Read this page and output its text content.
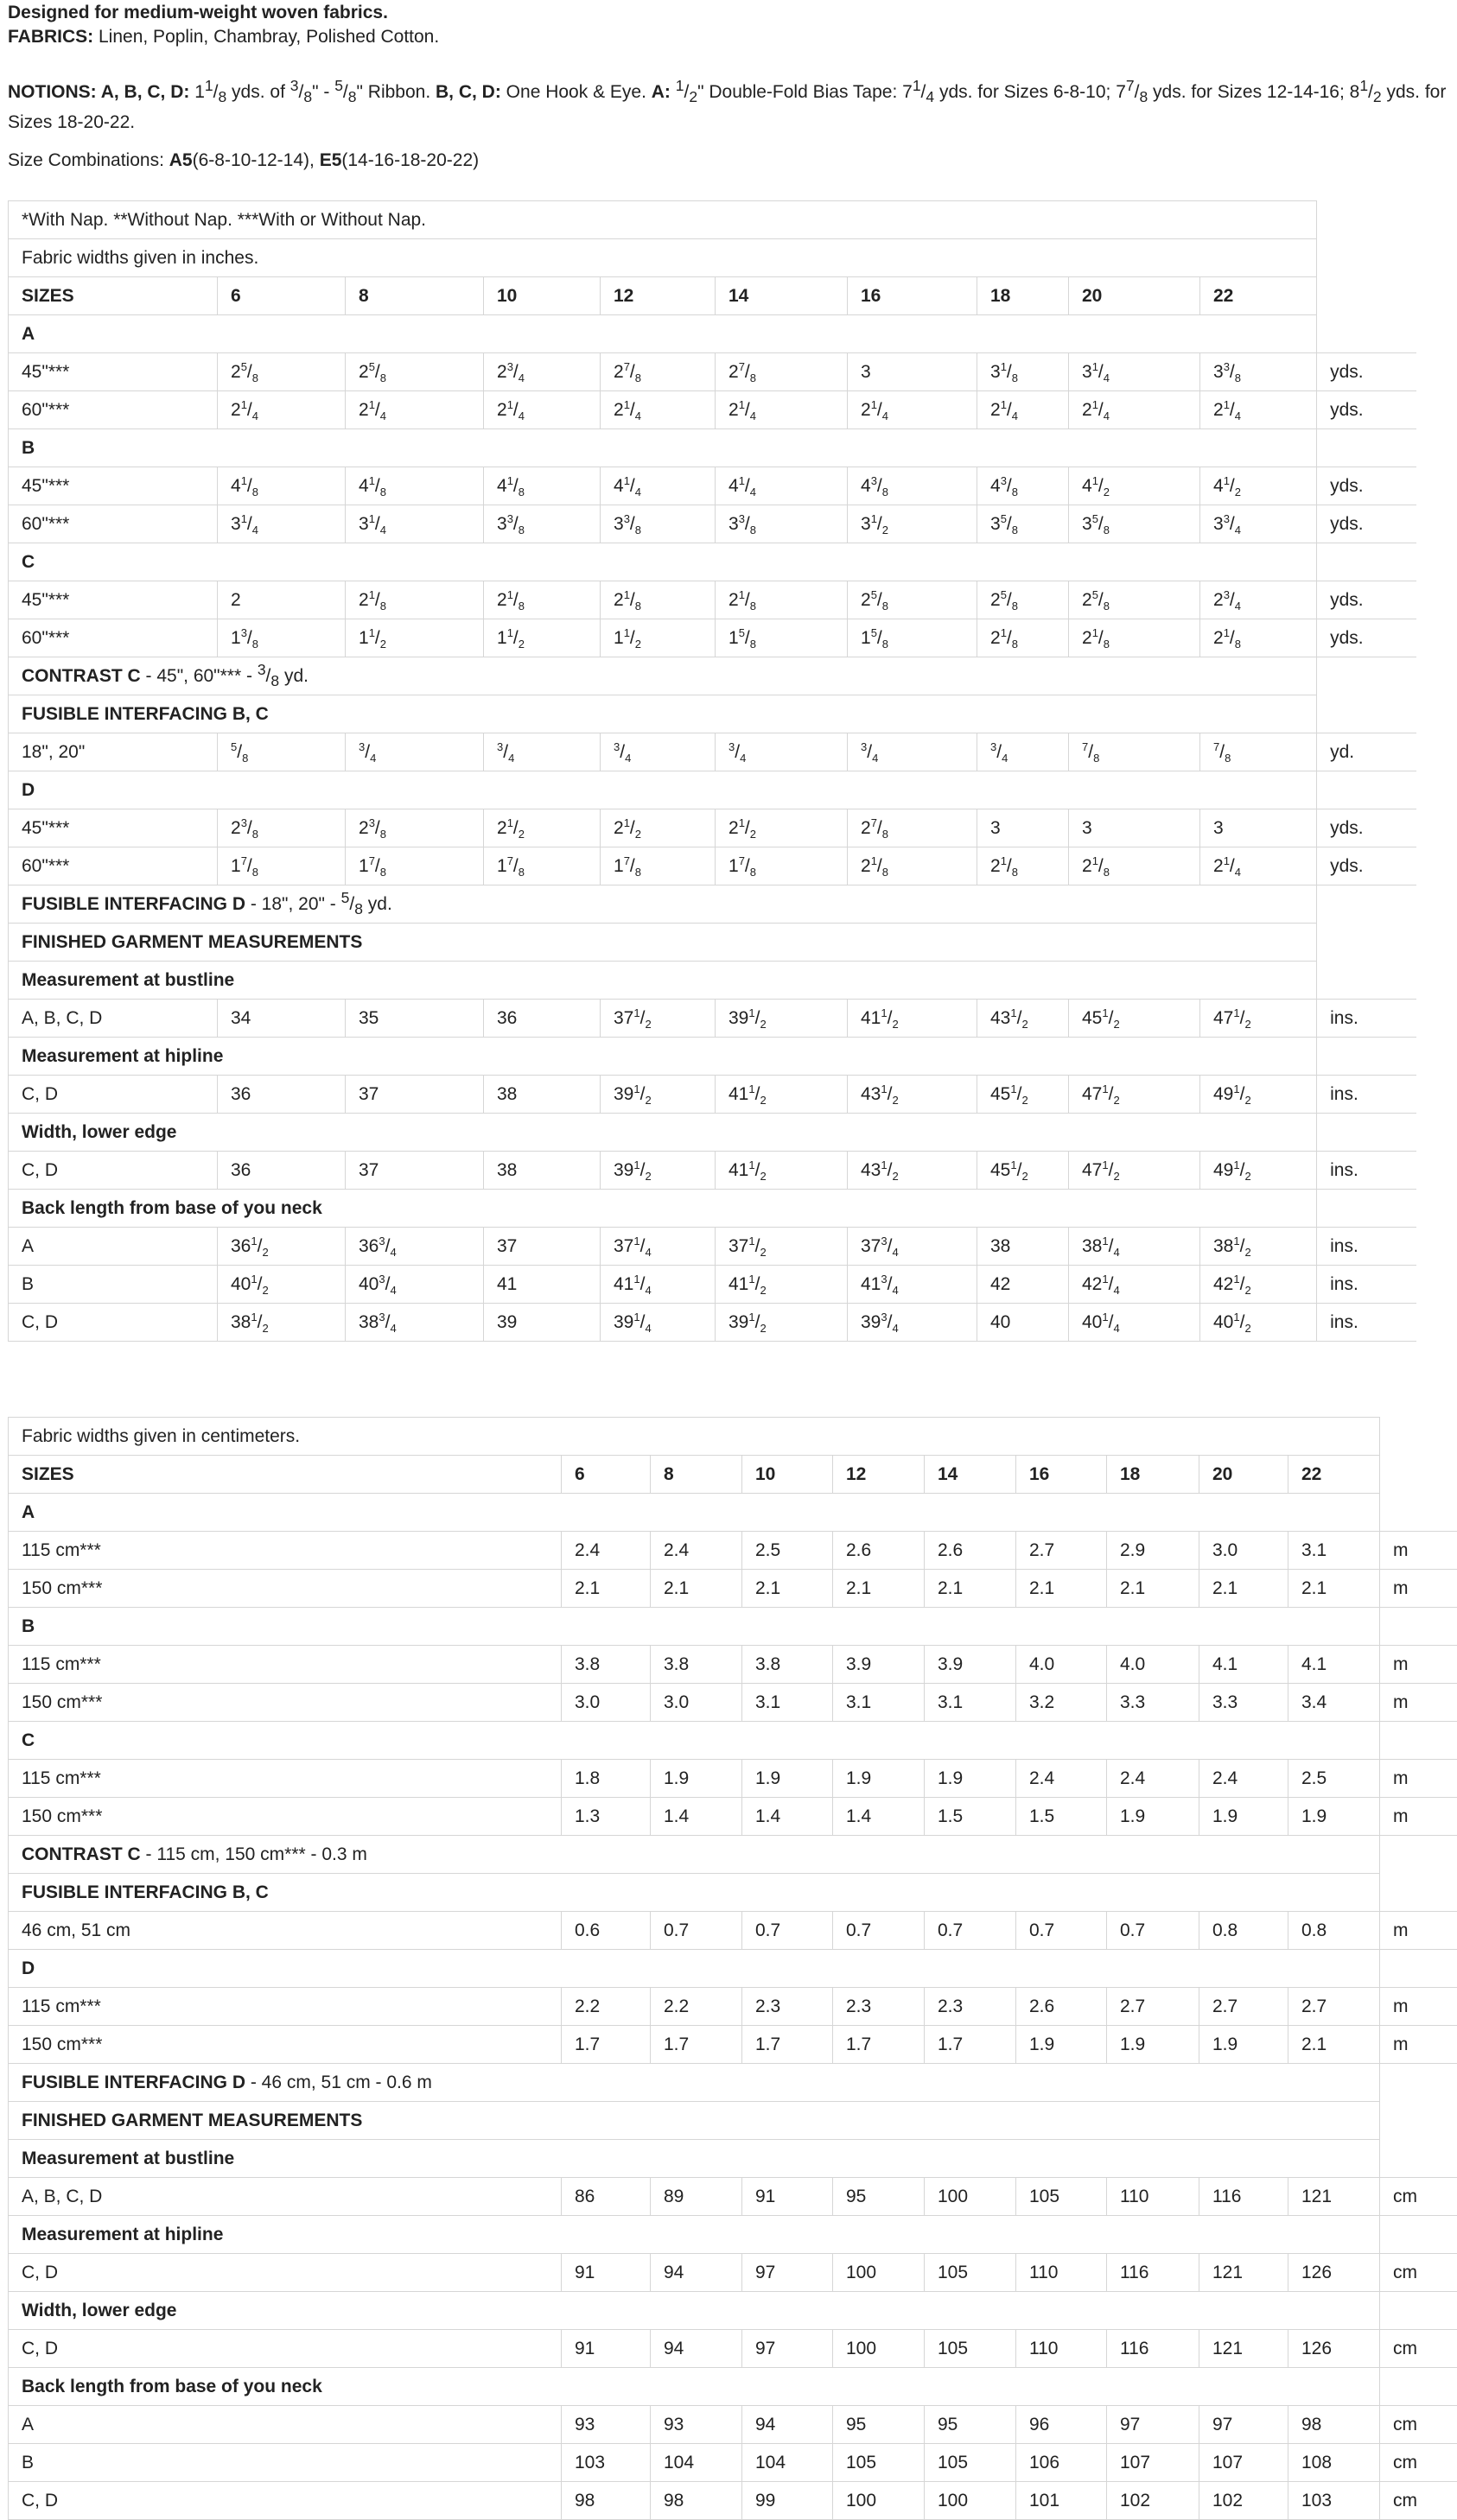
Designed for medium-weight woven fabrics.

FABRICS: Linen, Poplin, Chambray, Polished Cotton.

NOTIONS: A, B, C, D: $1^1/_8$ yds. of $^3/_8$" - $^5/_8$" Ribbon. B, C, D: One Hook & Eye. A: $^1/_2$" Double-Fold Bias Tape: $7^1/_4$ yds. for Sizes 6-8-10; $7^7/_8$ yds. for Sizes 12-14-16; $8^1/_2$ yds. for Sizes 18-20-22.

Size Combinations: A5(6-8-10-12-14), E5(14-16-18-20-22)

*With Nap. **Without Nap. ***With or Without Nap.										
Fabric widths given in inches.										
SIZES	6	8	10	12	14	16	18	20	22	
A										
45"***	$2^5/_8$	$2^5/_8$	$2^3/_4$	$2^7/_8$	$2^7/_8$	3	$3^1/_8$	$3^1/_4$	$3^3/_8$	yds.
60"***	$2^1/_4$	$2^1/_4$	$2^1/_4$	$2^1/_4$	$2^1/_4$	$2^1/_4$	$2^1/_4$	$2^1/_4$	$2^1/_4$	yds.
B										
45"***	$4^1/_8$	$4^1/_8$	$4^1/_8$	$4^1/_4$	$4^1/_4$	$4^3/_8$	$4^3/_8$	$4^1/_2$	$4^1/_2$	yds.
60"***	$3^1/_4$	$3^1/_4$	$3^3/_8$	$3^3/_8$	$3^3/_8$	$3^1/_2$	$3^5/_8$	$3^5/_8$	$3^3/_4$	yds.
C										
45"***	2	$2^1/_8$	$2^1/_8$	$2^1/_8$	$2^1/_8$	$2^5/_8$	$2^5/_8$	$2^5/_8$	$2^3/_4$	yds.
60"***	$1^3/_8$	$1^1/_2$	$1^1/_2$	$1^1/_2$	$1^5/_8$	$1^5/_8$	$2^1/_8$	$2^1/_8$	$2^1/_8$	yds.
CONTRAST C - 45", 60"*** - $^3/_8$ yd.										
FUSIBLE INTERFACING B, C										
18", 20"	$^5/_8$	$^3/_4$	$^3/_4$	$^3/_4$	$^3/_4$	$^3/_4$	$^3/_4$	$^7/_8$	$^7/_8$	yd.
D										
45"***	$2^3/_8$	$2^3/_8$	$2^1/_2$	$2^1/_2$	$2^1/_2$	$2^7/_8$	3	3	3	yds.
60"***	$1^7/_8$	$1^7/_8$	$1^7/_8$	$1^7/_8$	$1^7/_8$	$2^1/_8$	$2^1/_8$	$2^1/_8$	$2^1/_4$	yds.
FUSIBLE INTERFACING D - 18", 20" - $^5/_8$ yd.										
FINISHED GARMENT MEASUREMENTS										
Measurement at bustline										
A, B, C, D	34	35	36	$37^1/_2$	$39^1/_2$	$41^1/_2$	$43^1/_2$	$45^1/_2$	$47^1/_2$	ins.
Measurement at hipline										
C, D	36	37	38	$39^1/_2$	$41^1/_2$	$43^1/_2$	$45^1/_2$	$47^1/_2$	$49^1/_2$	ins.
Width, lower edge										
C, D	36	37	38	$39^1/_2$	$41^1/_2$	$43^1/_2$	$45^1/_2$	$47^1/_2$	$49^1/_2$	ins.
Back length from base of you neck										
A	$36^1/_2$	$36^3/_4$	37	$37^1/_4$	$37^1/_2$	$37^3/_4$	38	$38^1/_4$	$38^1/_2$	ins.
B	$40^1/_2$	$40^3/_4$	41	$41^1/_4$	$41^1/_2$	$41^3/_4$	42	$42^1/_4$	$42^1/_2$	ins.
C, D	$38^1/_2$	$38^3/_4$	39	$39^1/_4$	$39^1/_2$	$39^3/_4$	40	$40^1/_4$	$40^1/_2$	ins.

Fabric widths given in centimeters.										
SIZES	6	8	10	12	14	16	18	20	22	
A										
115 cm***	2.4	2.4	2.5	2.6	2.6	2.7	2.9	3.0	3.1	m
150 cm***	2.1	2.1	2.1	2.1	2.1	2.1	2.1	2.1	2.1	m
B										
115 cm***	3.8	3.8	3.8	3.9	3.9	4.0	4.0	4.1	4.1	m
150 cm***	3.0	3.0	3.1	3.1	3.1	3.2	3.3	3.3	3.4	m
C										
115 cm***	1.8	1.9	1.9	1.9	1.9	2.4	2.4	2.4	2.5	m
150 cm***	1.3	1.4	1.4	1.4	1.5	1.5	1.9	1.9	1.9	m
CONTRAST C - 115 cm, 150 cm*** - 0.3 m										
FUSIBLE INTERFACING B, C										
46 cm, 51 cm	0.6	0.7	0.7	0.7	0.7	0.7	0.7	0.8	0.8	m
D										
115 cm***	2.2	2.2	2.3	2.3	2.3	2.6	2.7	2.7	2.7	m
150 cm***	1.7	1.7	1.7	1.7	1.7	1.9	1.9	1.9	2.1	m
FUSIBLE INTERFACING D - 46 cm, 51 cm - 0.6 m										
FINISHED GARMENT MEASUREMENTS										
Measurement at bustline										
A, B, C, D	86	89	91	95	100	105	110	116	121	cm
Measurement at hipline										
C, D	91	94	97	100	105	110	116	121	126	cm
Width, lower edge										
C, D	91	94	97	100	105	110	116	121	126	cm
Back length from base of you neck										
A	93	93	94	95	95	96	97	97	98	cm
B	103	104	104	105	105	106	107	107	108	cm
C, D	98	98	99	100	100	101	102	102	103	cm
